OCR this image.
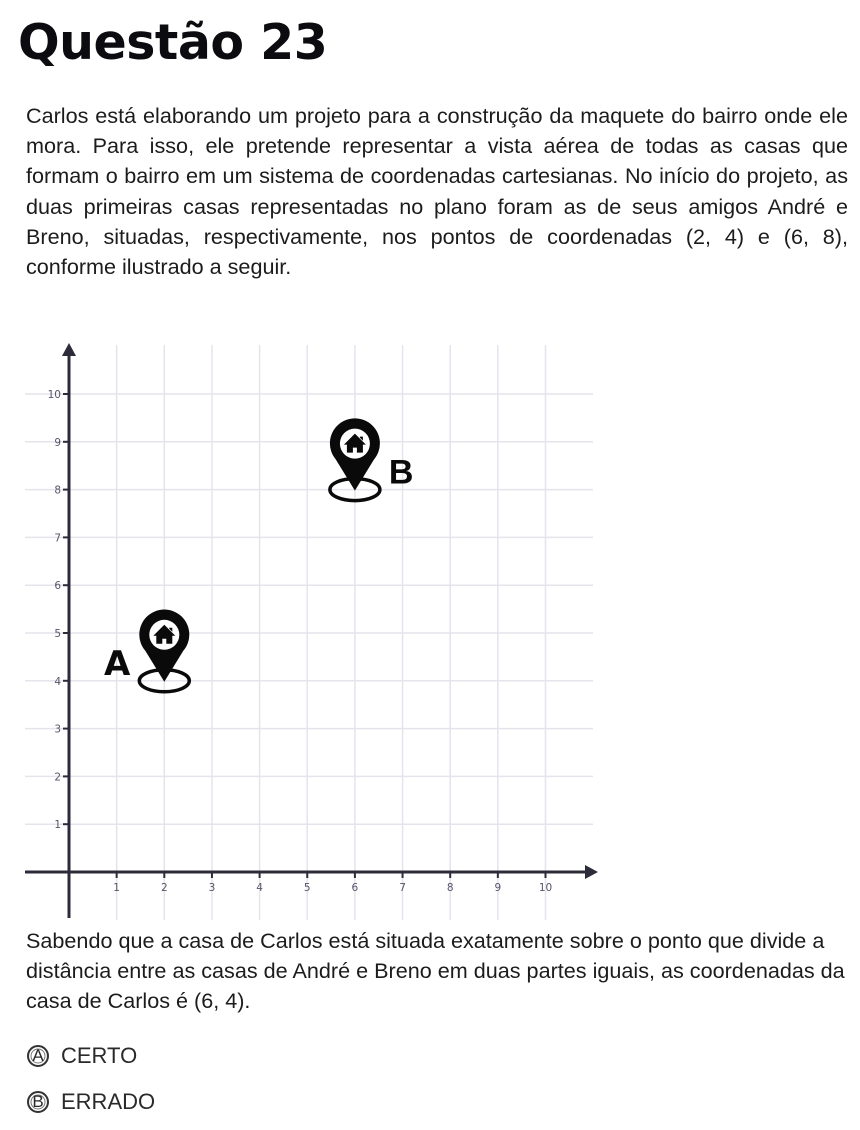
Questão 23

Carlos está elaborando um projeto para a construção da maquete do bairro onde ele mora. Para isso, ele pretende representar a vista aérea de todas as casas que formam o bairro em um sistema de coordenadas cartesianas. No início do projeto, as duas primeiras casas representadas no plano foram as de seus amigos André e Breno, situadas, respectivamente, nos pontos de coordenadas (2, 4) e (6, 8), conforme ilustrado a seguir.

1	2	3	4	5	6	7	8	9	10
1
2
3
4
5
6
7
8
9
10
A
B
A CERTO
B ERRADO

Sabendo que a casa de Carlos está situada exatamente sobre o ponto que divide a distância entre as casas de André e Breno em duas partes iguais, as coordenadas da casa de Carlos é (6, 4).
